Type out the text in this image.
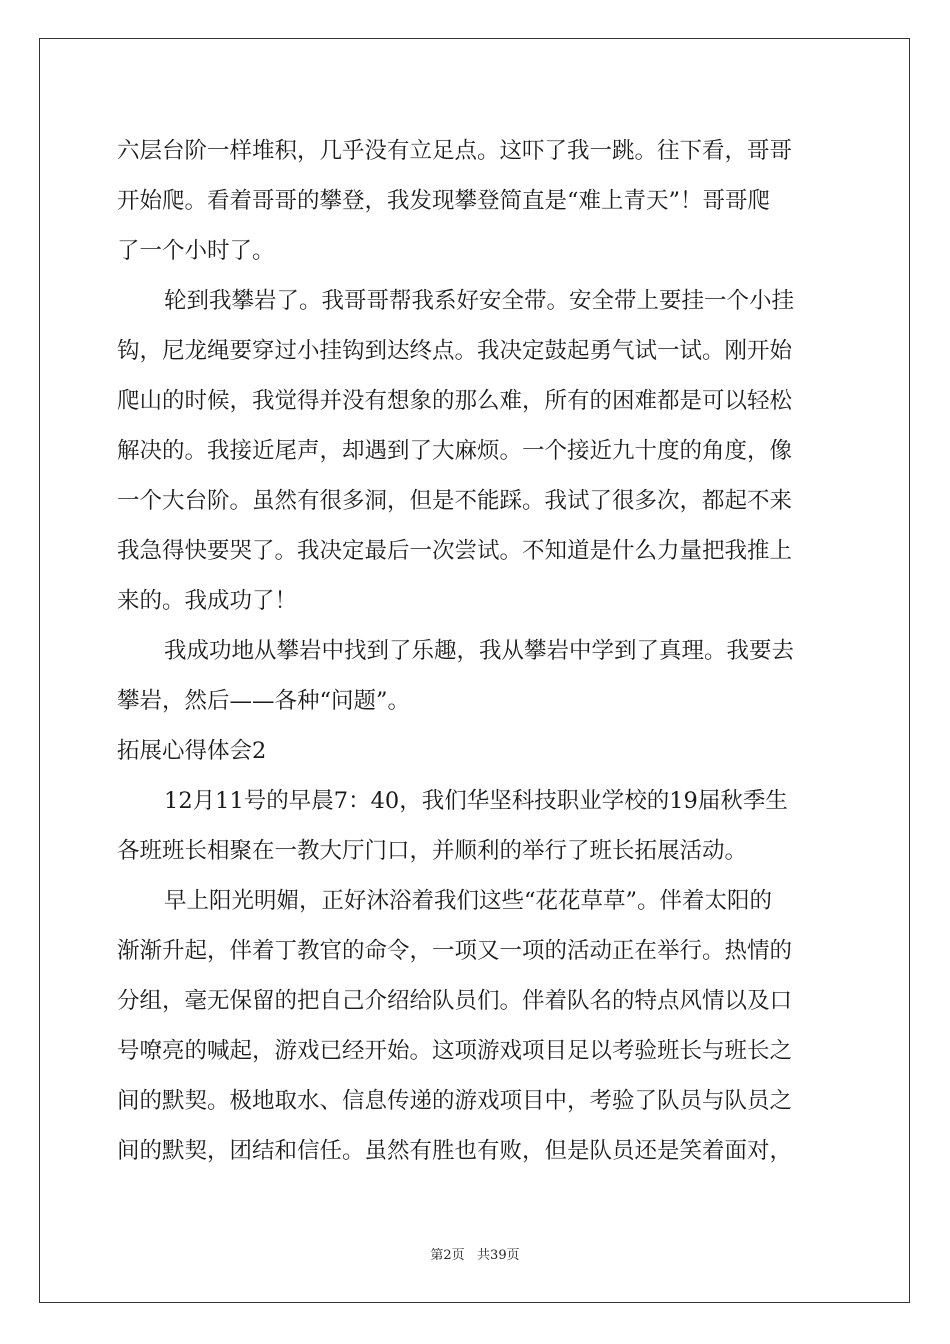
六层台阶一样堆积，几乎没有立足点。这吓了我一跳。往下看，哥哥
开始爬。看着哥哥的攀登，我发现攀登简直是“难上青天”！哥哥爬
了一个小时了。
轮到我攀岩了。我哥哥帮我系好安全带。安全带上要挂一个小挂
钩，尼龙绳要穿过小挂钩到达终点。我决定鼓起勇气试一试。刚开始
爬山的时候，我觉得并没有想象的那么难，所有的困难都是可以轻松
解决的。我接近尾声，却遇到了大麻烦。一个接近九十度的角度，像
一个大台阶。虽然有很多洞，但是不能踩。我试了很多次，都起不来
我急得快要哭了。我决定最后一次尝试。不知道是什么力量把我推上
来的。我成功了！
我成功地从攀岩中找到了乐趣，我从攀岩中学到了真理。我要去
攀岩，然后——各种“问题”。
拓展心得体会2
12月11号的早晨7：40，我们华坚科技职业学校的19届秋季生
各班班长相聚在一教大厅门口，并顺利的举行了班长拓展活动。
早上阳光明媚，正好沐浴着我们这些“花花草草”。伴着太阳的
渐渐升起，伴着丁教官的命令，一项又一项的活动正在举行。热情的
分组，毫无保留的把自己介绍给队员们。伴着队名的特点风情以及口
号嘹亮的喊起，游戏已经开始。这项游戏项目足以考验班长与班长之
间的默契。极地取水、信息传递的游戏项目中，考验了队员与队员之
间的默契，团结和信任。虽然有胜也有败，但是队员还是笑着面对，
第2页   共39页
